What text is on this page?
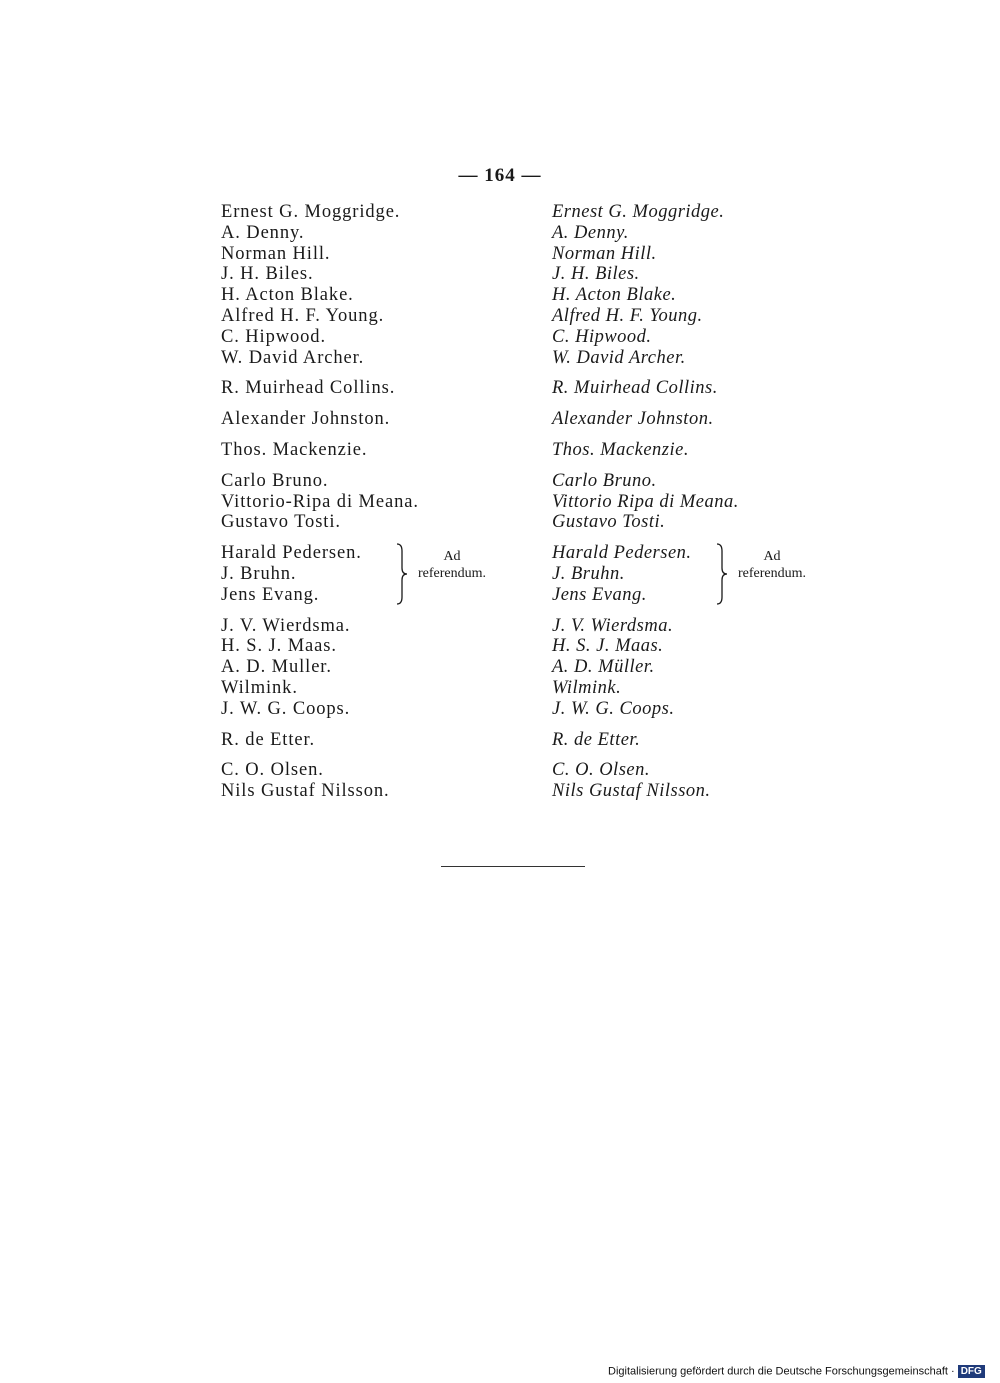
— 164 —
Ernest G. Moggridge.
A. Denny.
Norman Hill.
J. H. Biles.
H. Acton Blake.
Alfred H. F. Young.
C. Hipwood.
W. David Archer.
R. Muirhead Collins.
Alexander Johnston.
Thos. Mackenzie.
Carlo Bruno.
Vittorio-Ripa di Meana.
Gustavo Tosti.
Harald Pedersen.
J. Bruhn.
Jens Evang.
Ad
referendum.
J. V. Wierdsma.
H. S. J. Maas.
A. D. Muller.
Wilmink.
J. W. G. Coops.
R. de Etter.
C. O. Olsen.
Nils Gustaf Nilsson.
Ernest G. Moggridge.
A. Denny.
Norman Hill.
J. H. Biles.
H. Acton Blake.
Alfred H. F. Young.
C. Hipwood.
W. David Archer.
R. Muirhead Collins.
Alexander Johnston.
Thos. Mackenzie.
Carlo Bruno.
Vittorio Ripa di Meana.
Gustavo Tosti.
Harald Pedersen.
J. Bruhn.
Jens Evang.
Ad
referendum.
J. V. Wierdsma.
H. S. J. Maas.
A. D. Müller.
Wilmink.
J. W. G. Coops.
R. de Etter.
C. O. Olsen.
Nils Gustaf Nilsson.
Digitalisierung gefördert durch die Deutsche Forschungsgemeinschaft · DFG
